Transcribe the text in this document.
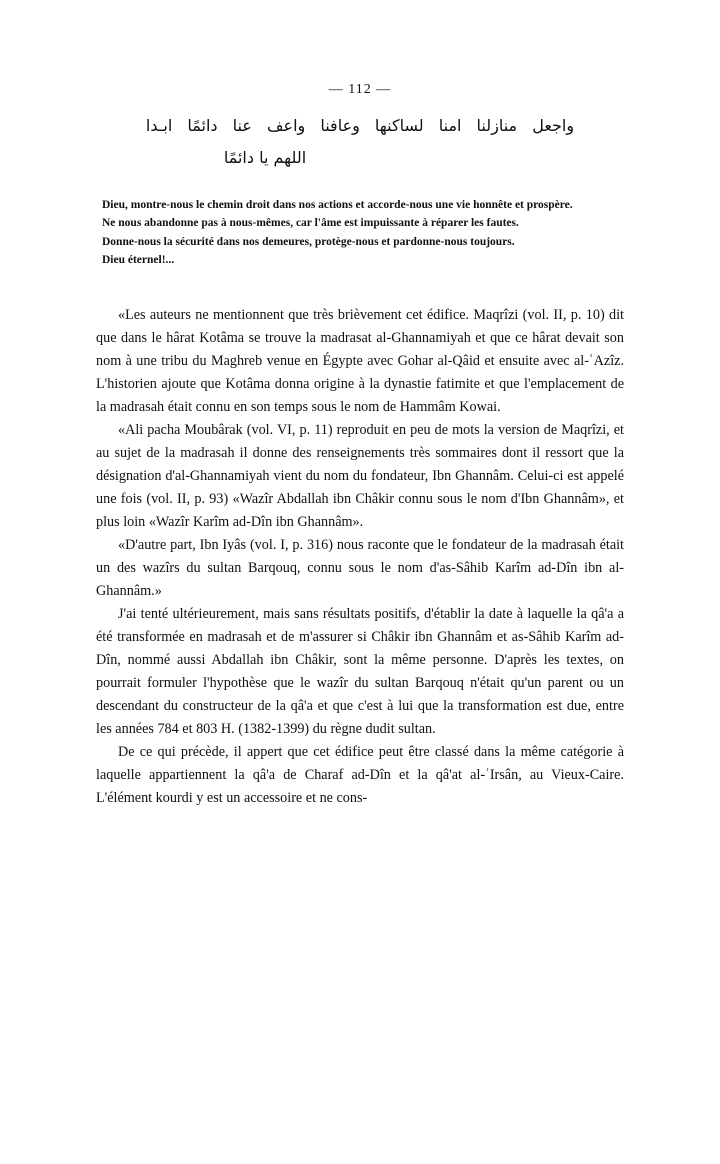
— 112 —
واجعل منازلنا امنا لساكنها وعافنا واعف عنا دائمًا ابـدا
اللهم يا دائمًا

Dieu, montre-nous le chemin droit dans nos actions et accorde-nous une vie honnête et prospère.

Ne nous abandonne pas à nous-mêmes, car l'âme est impuissante à réparer les fautes.

Donne-nous la sécurité dans nos demeures, protège-nous et pardonne-nous toujours.

Dieu éternel!...

«Les auteurs ne mentionnent que très brièvement cet édifice. Maqrîzi (vol. II, p. 10) dit que dans le hârat Kotâma se trouve la madrasat al-Ghannamiyah et que ce hârat devait son nom à une tribu du Maghreb venue en Égypte avec Gohar al-Qâid et ensuite avec al-ʿAzîz. L'historien ajoute que Kotâma donna origine à la dynastie fatimite et que l'emplacement de la madrasah était connu en son temps sous le nom de Hammâm Kowai.

«Ali pacha Moubârak (vol. VI, p. 11) reproduit en peu de mots la version de Maqrîzi, et au sujet de la madrasah il donne des renseignements très sommaires dont il ressort que la désignation d'al-Ghannamiyah vient du nom du fondateur, Ibn Ghannâm. Celui-ci est appelé une fois (vol. II, p. 93) «Wazîr Abdallah ibn Châkir connu sous le nom d'Ibn Ghannâm», et plus loin «Wazîr Karîm ad-Dîn ibn Ghannâm».

«D'autre part, Ibn Iyâs (vol. I, p. 316) nous raconte que le fondateur de la madrasah était un des wazîrs du sultan Barqouq, connu sous le nom d'as-Sâhib Karîm ad-Dîn ibn al-Ghannâm.»

J'ai tenté ultérieurement, mais sans résultats positifs, d'établir la date à laquelle la qâ'a a été transformée en madrasah et de m'assurer si Châkir ibn Ghannâm et as-Sâhib Karîm ad-Dîn, nommé aussi Abdallah ibn Châkir, sont la même personne. D'après les textes, on pourrait formuler l'hypothèse que le wazîr du sultan Barqouq n'était qu'un parent ou un descendant du constructeur de la qâ'a et que c'est à lui que la transformation est due, entre les années 784 et 803 H. (1382-1399) du règne dudit sultan.

De ce qui précède, il appert que cet édifice peut être classé dans la même catégorie à laquelle appartiennent la qâ'a de Charaf ad-Dîn et la qâ'at al-ʿIrsân, au Vieux-Caire. L'élément kourdi y est un accessoire et ne cons-
